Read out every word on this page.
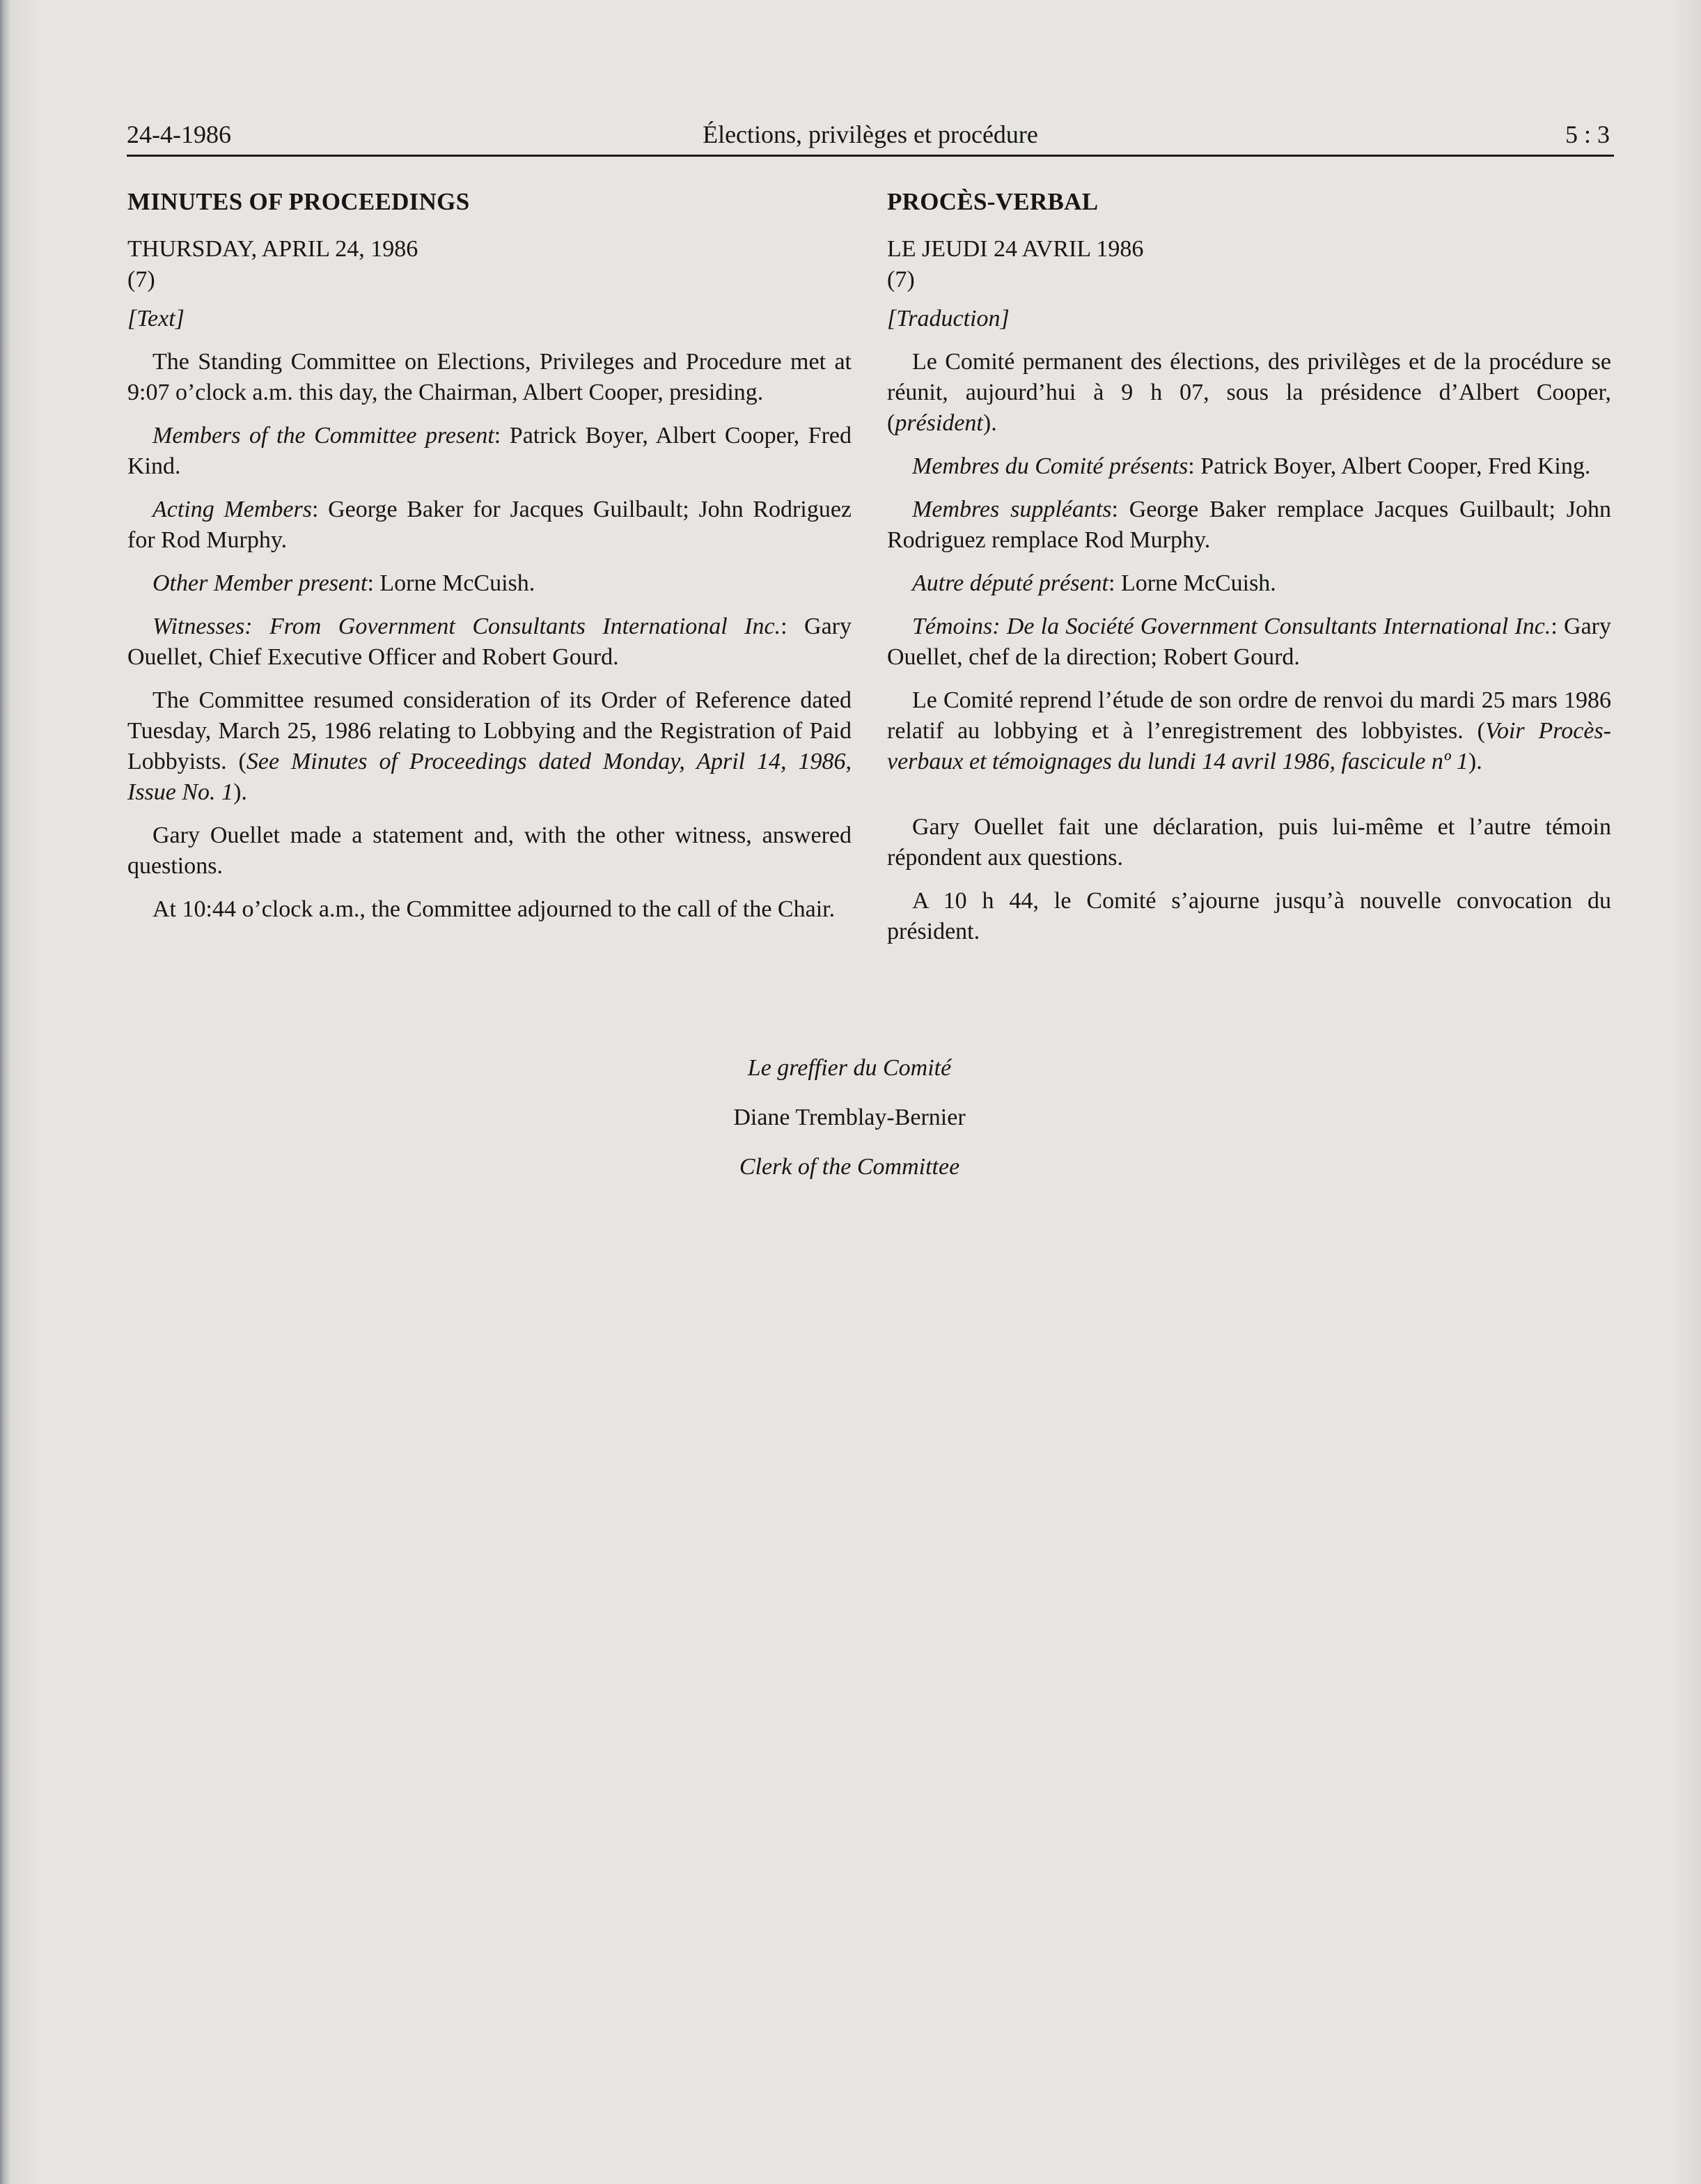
24-4-1986	Élections, privilèges et procédure	5 : 3
MINUTES OF PROCEEDINGS

THURSDAY, APRIL 24, 1986

(7)

[Text]

The Standing Committee on Elections, Privileges and Procedure met at 9:07 o’clock a.m. this day, the Chairman, Albert Cooper, presiding.

Members of the Committee present: Patrick Boyer, Albert Cooper, Fred Kind.

Acting Members: George Baker for Jacques Guilbault; John Rodriguez for Rod Murphy.

Other Member present: Lorne McCuish.

Witnesses: From Government Consultants International Inc.: Gary Ouellet, Chief Executive Officer and Robert Gourd.

The Committee resumed consideration of its Order of Reference dated Tuesday, March 25, 1986 relating to Lobbying and the Registration of Paid Lobbyists. (See Minutes of Proceedings dated Monday, April 14, 1986, Issue No. 1).

Gary Ouellet made a statement and, with the other witness, answered questions.

At 10:44 o’clock a.m., the Committee adjourned to the call of the Chair.

PROCÈS-VERBAL

LE JEUDI 24 AVRIL 1986

(7)

[Traduction]

Le Comité permanent des élections, des privilèges et de la procédure se réunit, aujourd’hui à 9 h 07, sous la présidence d’Albert Cooper, (président).

Membres du Comité présents: Patrick Boyer, Albert Cooper, Fred King.

Membres suppléants: George Baker remplace Jacques Guilbault; John Rodriguez remplace Rod Murphy.

Autre député présent: Lorne McCuish.

Témoins: De la Société Government Consultants International Inc.: Gary Ouellet, chef de la direction; Robert Gourd.

Le Comité reprend l’étude de son ordre de renvoi du mardi 25 mars 1986 relatif au lobbying et à l’enregistrement des lobbyistes. (Voir Procès-verbaux et témoignages du lundi 14 avril 1986, fascicule nº 1).

Gary Ouellet fait une déclaration, puis lui-même et l’autre témoin répondent aux questions.

A 10 h 44, le Comité s’ajourne jusqu’à nouvelle convocation du président.

Le greffier du Comité
Diane Tremblay-Bernier
Clerk of the Committee
